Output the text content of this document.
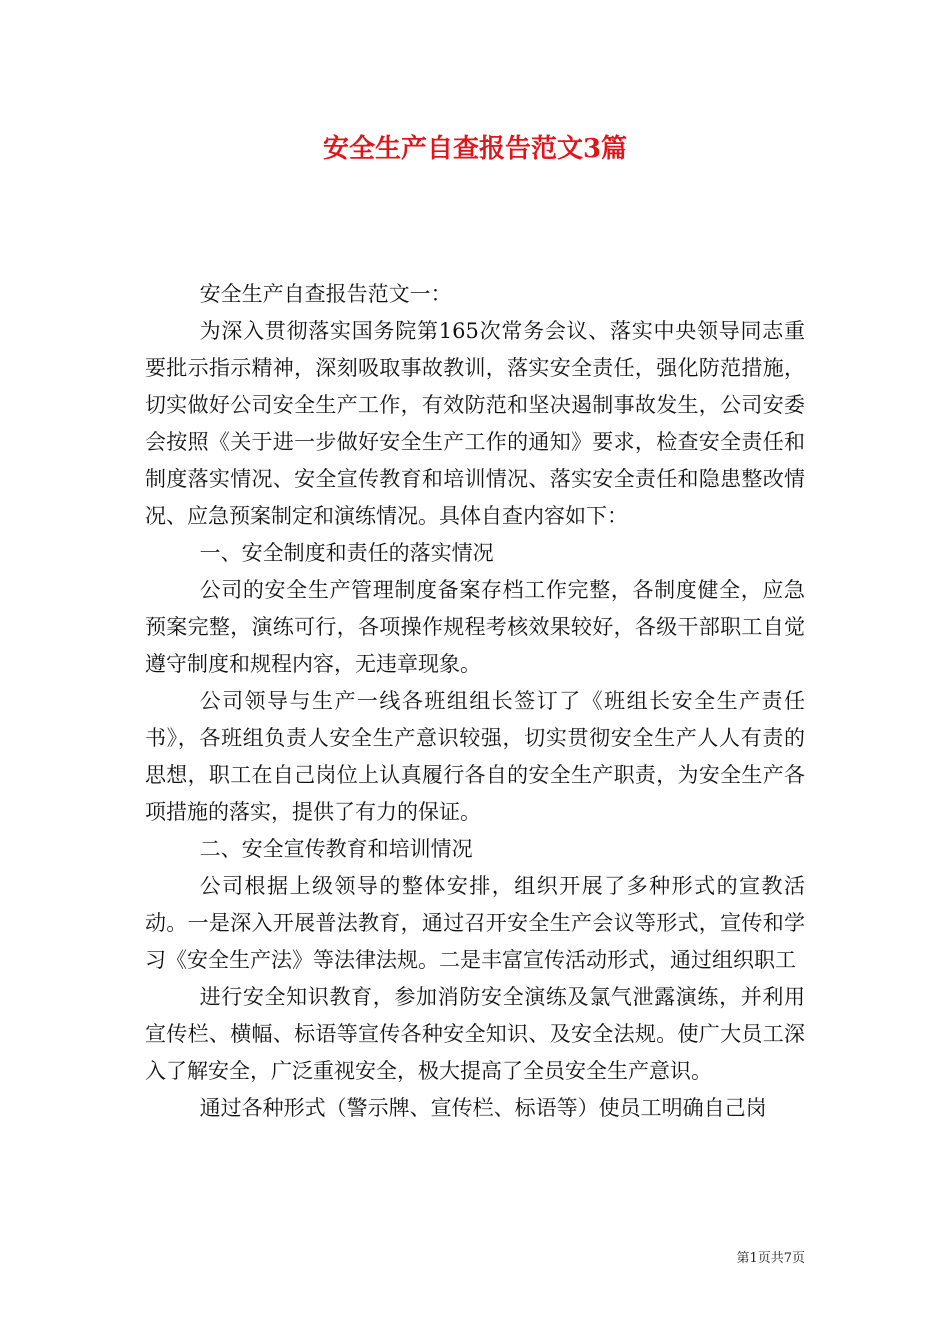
安全生产自查报告范文3篇

安全生产自查报告范文一：

为深入贯彻落实国务院第165次常务会议、落实中央领导同志重要批示指示精神，深刻吸取事故教训，落实安全责任，强化防范措施，切实做好公司安全生产工作，有效防范和坚决遏制事故发生，公司安委会按照《关于进一步做好安全生产工作的通知》要求，检查安全责任和制度落实情况、安全宣传教育和培训情况、落实安全责任和隐患整改情况、应急预案制定和演练情况。具体自查内容如下：

一、安全制度和责任的落实情况

公司的安全生产管理制度备案存档工作完整，各制度健全，应急预案完整，演练可行，各项操作规程考核效果较好，各级干部职工自觉遵守制度和规程内容，无违章现象。

公司领导与生产一线各班组组长签订了《班组长安全生产责任书》，各班组负责人安全生产意识较强，切实贯彻安全生产人人有责的思想，职工在自己岗位上认真履行各自的安全生产职责，为安全生产各项措施的落实，提供了有力的保证。

二、安全宣传教育和培训情况

公司根据上级领导的整体安排，组织开展了多种形式的宣教活动。一是深入开展普法教育，通过召开安全生产会议等形式，宣传和学习《安全生产法》等法律法规。二是丰富宣传活动形式，通过组织职工

进行安全知识教育，参加消防安全演练及氯气泄露演练，并利用宣传栏、横幅、标语等宣传各种安全知识、及安全法规。使广大员工深入了解安全，广泛重视安全，极大提高了全员安全生产意识。

通过各种形式（警示牌、宣传栏、标语等）使员工明确自己岗

第1页共7页
